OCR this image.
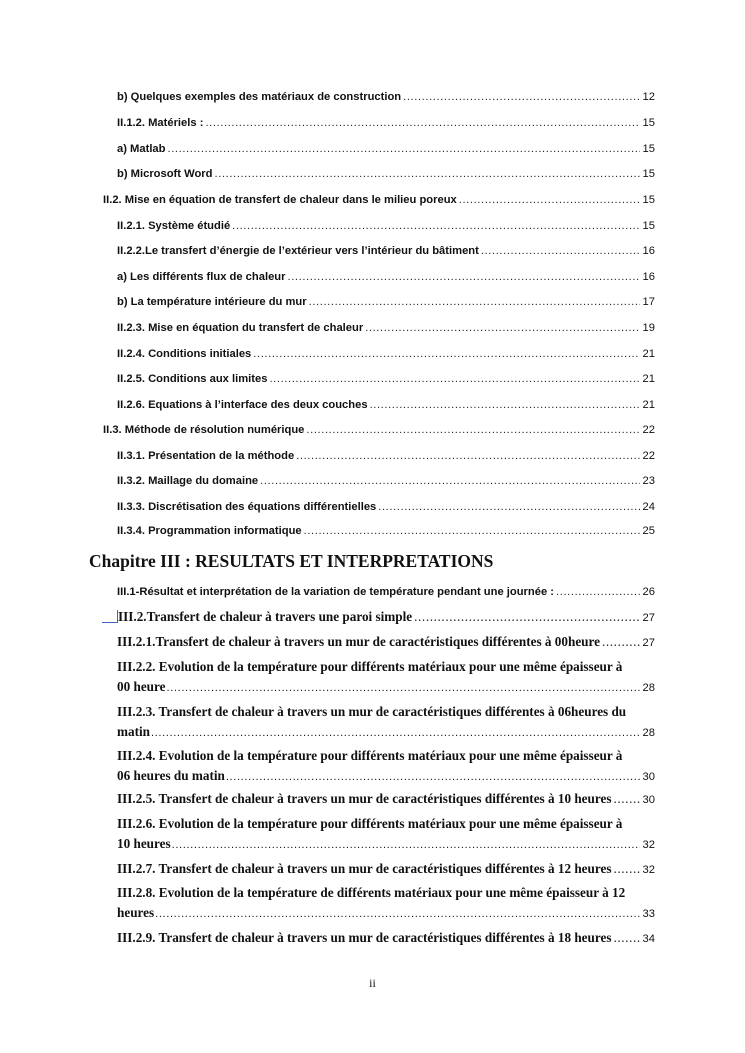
b) Quelques exemples des matériaux de construction .....	12
II.1.2. Matériels : .....	15
a) Matlab .....	15
b) Microsoft Word .....	15
II.2. Mise en équation de transfert de chaleur dans le milieu poreux .....	15
II.2.1. Système étudié .....	15
II.2.2.Le transfert d’énergie de l’extérieur vers l’intérieur du bâtiment .....	16
a) Les différents flux de chaleur .....	16
b) La température intérieure du mur .....	17
II.2.3. Mise en équation du transfert de chaleur .....	19
II.2.4. Conditions initiales .....	21
II.2.5. Conditions aux limites .....	21
II.2.6. Equations à l’interface des deux couches .....	21
II.3. Méthode de résolution numérique .....	22
II.3.1. Présentation de la méthode .....	22
II.3.2. Maillage du domaine .....	23
II.3.3. Discrétisation des équations différentielles .....	24
II.3.4. Programmation informatique .....	25
Chapitre III : RESULTATS ET INTERPRETATIONS
III.1-Résultat et interprétation de la variation de température pendant une journée : .....	26
III.2.Transfert de chaleur à travers une paroi simple .....	27
III.2.1.Transfert de chaleur à travers un mur de caractéristiques différentes à 00heure .....	27
III.2.2. Evolution de la température pour différents matériaux pour une même épaisseur à
00 heure .....	28
III.2.3. Transfert de chaleur à travers un mur de caractéristiques différentes à 06heures du
matin .....	28
III.2.4. Evolution de la température pour différents matériaux pour une même épaisseur à
06 heures du matin .....	30
III.2.5. Transfert de chaleur à travers un mur de caractéristiques différentes à 10 heures .....	30
III.2.6. Evolution de la température pour différents matériaux pour une même épaisseur à
10 heures .....	32
III.2.7. Transfert de chaleur à travers un mur de caractéristiques différentes à 12 heures .....	32
III.2.8. Evolution de la température de différents matériaux pour une même épaisseur à 12
heures .....	33
III.2.9. Transfert de chaleur à travers un mur de caractéristiques différentes à 18 heures .....	34
ii
